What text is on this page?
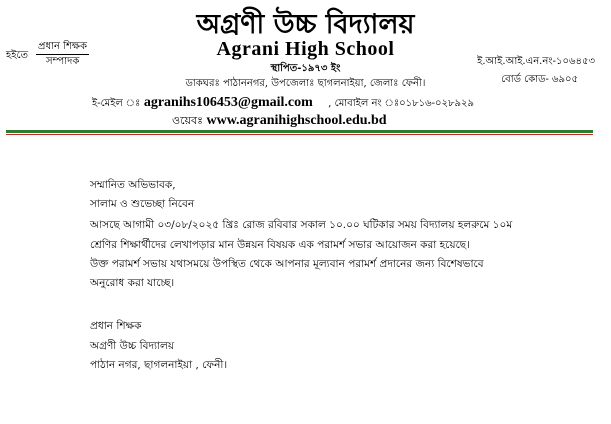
অগ্রণী উচ্চ বিদ্যালয়
Agrani High School
স্থাপিত-১৯৭৩ ইং
হইতে
প্রধান শিক্ষক
সম্পাদক	ই.আই.আই.এন.নং-১০৬৪৫৩
বোর্ড কোড- ৬৯০৫
ডাকঘরঃ পাঠাননগর, উপজেলাঃ ছাগলনাইয়া, জেলাঃ ফেনী।
ই-মেইল ঃ agranihs106453@gmail.com , মোবাইল নং ঃ০১৮১৬-০২৮৯২৯
ওয়েবঃ www.agranihighschool.edu.bd
সম্মানিত অভিভাবক,
সালাম ও শুভেচ্ছা নিবেন
আসছে আগামী ০৩/০৮/২০২৫ খ্রিঃ রোজ রবিবার সকাল ১০.০০ ঘটিকার সময় বিদ্যালয় হলরুমে ১০ম
শ্রেণির শিক্ষার্থীদের লেখাপড়ার মান উন্নয়ন বিষয়ক এক পরামর্শ সভার আয়োজন করা হয়েছে।
উক্ত পরামর্শ সভায় যথাসময়ে উপস্থিত থেকে আপনার মূল্যবান পরামর্শ প্রদানের জন্য বিশেষভাবে
অনুরোধ করা যাচ্ছে।
প্রধান শিক্ষক
অগ্রণী উচ্চ বিদ্যালয়
পাঠান নগর, ছাগলনাইয়া , ফেনী।
